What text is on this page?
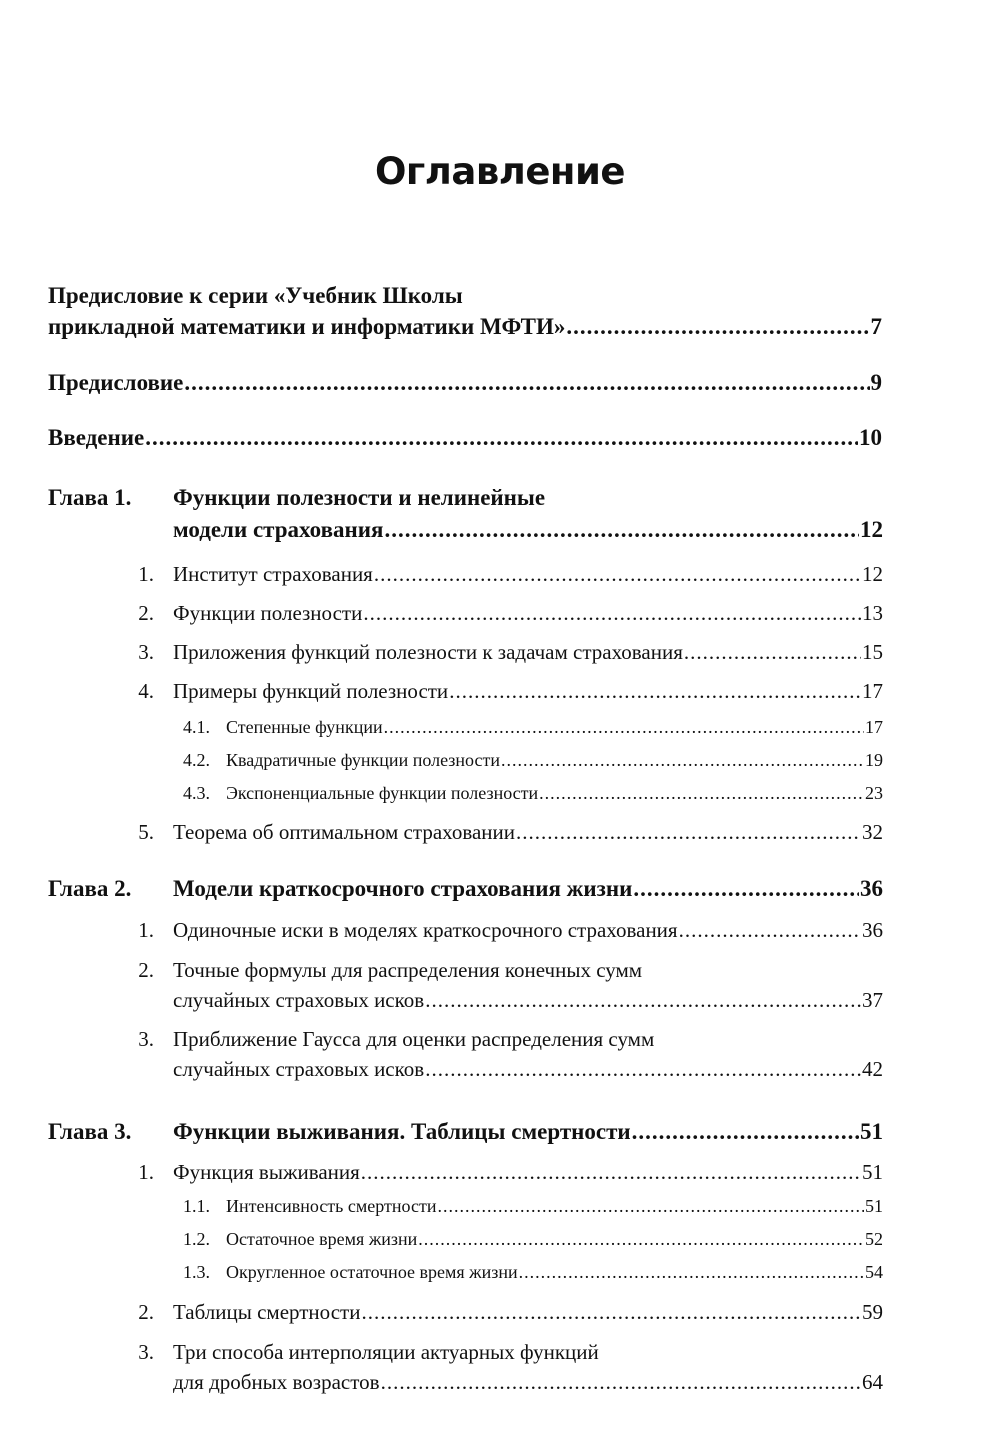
Оглавление
Предисловие к серии «Учебник Школы
прикладной математики и информатики МФТИ» .....	7
Предисловие .....	9
Введение .....	10
Глава 1. Функции полезности и нелинейные
модели страхования .....	12
1. Институт страхования .....	12
2. Функции полезности .....	13
3. Приложения функций полезности к задачам страхования .....	15
4. Примеры функций полезности .....	17
4.1. Степенные функции .....	17
4.2. Квадратичные функции полезности .....	19
4.3. Экспоненциальные функции полезности .....	23
5. Теорема об оптимальном страховании .....	32
Глава 2. Модели краткосрочного страхования жизни .....	36
1. Одиночные иски в моделях краткосрочного страхования .....	36
2. Точные формулы для распределения конечных сумм
случайных страховых исков .....	37
3. Приближение Гаусса для оценки распределения сумм
случайных страховых исков .....	42
Глава 3. Функции выживания. Таблицы смертности .....	51
1. Функция выживания .....	51
1.1. Интенсивность смертности .....	51
1.2. Остаточное время жизни .....	52
1.3. Округленное остаточное время жизни .....	54
2. Таблицы смертности .....	59
3. Три способа интерполяции актуарных функций
для дробных возрастов .....	64
